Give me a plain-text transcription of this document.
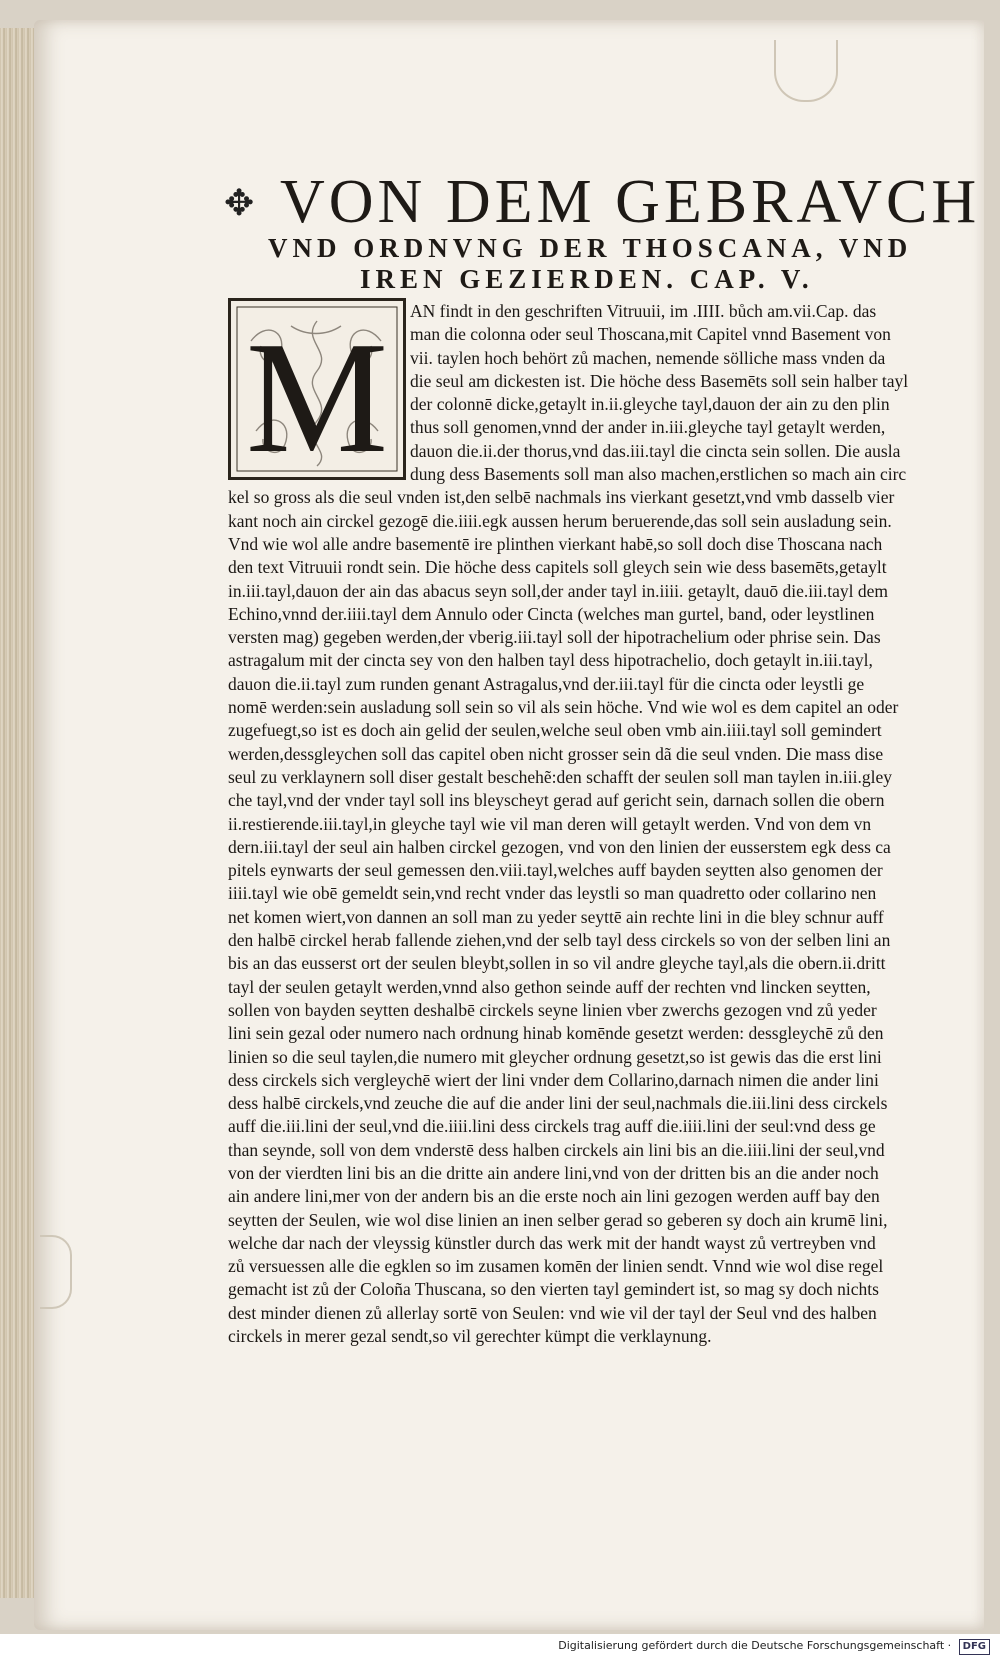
✥ VON DEM GEBRAVCH
VND ORDNVNG DER THOSCANA, VND
IREN GEZIERDEN. CAP. V.
M	AN findt in den geschriften Vitruuii, im .IIII. bůch am.vii.Cap. das
man die colonna oder seul Thoscana,mit Capitel vnnd Basement von
vii. taylen hoch behört zů machen, nemende sölliche mass vnden da
die seul am dickesten ist. Die höche dess Basemēts soll sein halber tayl
der colonnē dicke,getaylt in.ii.gleyche tayl,dauon der ain zu den plin
thus soll genomen,vnnd der ander in.iii.gleyche tayl getaylt werden,
dauon die.ii.der thorus,vnd das.iii.tayl die cincta sein sollen. Die ausla
dung dess Basements soll man also machen,erstlichen so mach ain circ
kel so gross als die seul vnden ist,den selbē nachmals ins vierkant gesetzt,vnd vmb dasselb vier
kant noch ain circkel gezogē die.iiii.egk aussen herum beruerende,das soll sein ausladung sein.
Vnd wie wol alle andre basementē ire plinthen vierkant habē,so soll doch dise Thoscana nach
den text Vitruuii rondt sein. Die höche dess capitels soll gleych sein wie dess basemēts,getaylt
in.iii.tayl,dauon der ain das abacus seyn soll,der ander tayl in.iiii. getaylt, dauō die.iii.tayl dem
Echino,vnnd der.iiii.tayl dem Annulo oder Cincta (welches man gurtel, band, oder leystlinen
versten mag) gegeben werden,der vberig.iii.tayl soll der hipotrachelium oder phrise sein. Das
astragalum mit der cincta sey von den halben tayl dess hipotrachelio, doch getaylt in.iii.tayl,
dauon die.ii.tayl zum runden genant Astragalus,vnd der.iii.tayl für die cincta oder leystli ge
nomē werden:sein ausladung soll sein so vil als sein höche. Vnd wie wol es dem capitel an oder
zugefuegt,so ist es doch ain gelid der seulen,welche seul oben vmb ain.iiii.tayl soll gemindert
werden,dessgleychen soll das capitel oben nicht grosser sein dã die seul vnden. Die mass dise
seul zu verklaynern soll diser gestalt beschehẽ:den schafft der seulen soll man taylen in.iii.gley
che tayl,vnd der vnder tayl soll ins bleyscheyt gerad auf gericht sein, darnach sollen die obern
ii.restierende.iii.tayl,in gleyche tayl wie vil man deren will getaylt werden. Vnd von dem vn
dern.iii.tayl der seul ain halben circkel gezogen, vnd von den linien der eusserstem egk dess ca
pitels eynwarts der seul gemessen den.viii.tayl,welches auff bayden seytten also genomen der
iiii.tayl wie obē gemeldt sein,vnd recht vnder das leystli so man quadretto oder collarino nen
net komen wiert,von dannen an soll man zu yeder seyttē ain rechte lini in die bley schnur auff
den halbē circkel herab fallende ziehen,vnd der selb tayl dess circkels so von der selben lini an
bis an das eusserst ort der seulen bleybt,sollen in so vil andre gleyche tayl,als die obern.ii.dritt
tayl der seulen getaylt werden,vnnd also gethon seinde auff der rechten vnd lincken seytten,
sollen von bayden seytten deshalbē circkels seyne linien vber zwerchs gezogen vnd zů yeder
lini sein gezal oder numero nach ordnung hinab komēnde gesetzt werden: dessgleychē zů den
linien so die seul taylen,die numero mit gleycher ordnung gesetzt,so ist gewis das die erst lini
dess circkels sich vergleychē wiert der lini vnder dem Collarino,darnach nimen die ander lini
dess halbē circkels,vnd zeuche die auf die ander lini der seul,nachmals die.iii.lini dess circkels
auff die.iii.lini der seul,vnd die.iiii.lini dess circkels trag auff die.iiii.lini der seul:vnd dess ge
than seynde, soll von dem vnderstē dess halben circkels ain lini bis an die.iiii.lini der seul,vnd
von der vierdten lini bis an die dritte ain andere lini,vnd von der dritten bis an die ander noch
ain andere lini,mer von der andern bis an die erste noch ain lini gezogen werden auff bay den
seytten der Seulen, wie wol dise linien an inen selber gerad so geberen sy doch ain krumē lini,
welche dar nach der vleyssig künstler durch das werk mit der handt wayst zů vertreyben vnd
zů versuessen alle die egklen so im zusamen komēn der linien sendt. Vnnd wie wol dise regel
gemacht ist zů der Coloña Thuscana, so den vierten tayl gemindert ist, so mag sy doch nichts
dest minder dienen zů allerlay sortē von Seulen: vnd wie vil der tayl der Seul vnd des halben
circkels in merer gezal sendt,so vil gerechter kümpt die verklaynung.
Digitalisierung gefördert durch die Deutsche Forschungsgemeinschaft · DFG
